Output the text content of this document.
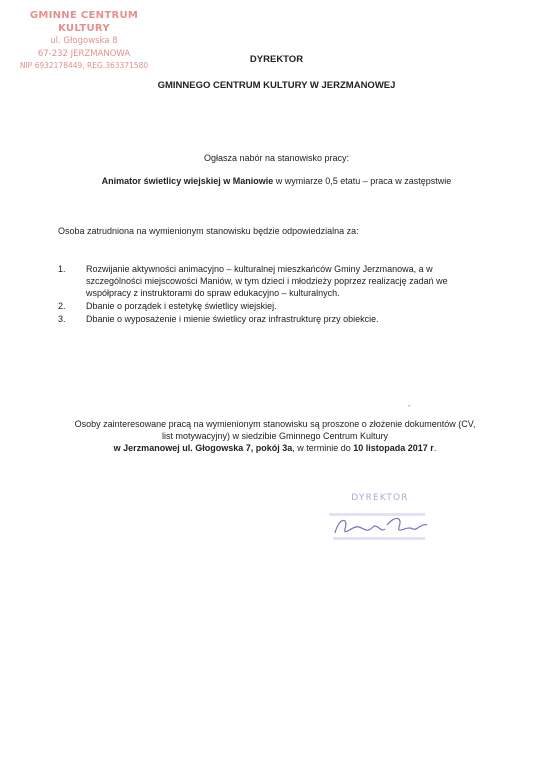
GMINNE CENTRUM KULTURY
ul. Głogowska 8
67-232 JERZMANOWA
NIP 6932178449, REG.363371580
DYREKTOR
GMINNEGO CENTRUM KULTURY W JERZMANOWEJ
Ogłasza nabór na stanowisko pracy:
Animator świetlicy wiejskiej w Maniowie w wymiarze 0,5 etatu – praca w zastępstwie
Osoba zatrudniona na wymienionym stanowisku będzie odpowiedzialna za:
1. Rozwijanie aktywności animacyjno – kulturalnej mieszkańców Gminy Jerzmanowa, a w szczególności miejscowości Maniów, w tym dzieci i młodzieży poprzez realizację zadań we współpracy z instruktorami do spraw edukacyjno – kulturalnych.
2. Dbanie o porządek i estetykę świetlicy wiejskiej.
3. Dbanie o wyposażenie i mienie świetlicy oraz infrastrukturę przy obiekcie.
´
Osoby zainteresowane pracą na wymienionym stanowisku są proszone o złożenie dokumentów (CV, list motywacyjny) w siedzibie Gminnego Centrum Kultury
w Jerzmanowej ul. Głogowska 7, pokój 3a, w terminie do 10 listopada 2017 r.
DYREKTOR
